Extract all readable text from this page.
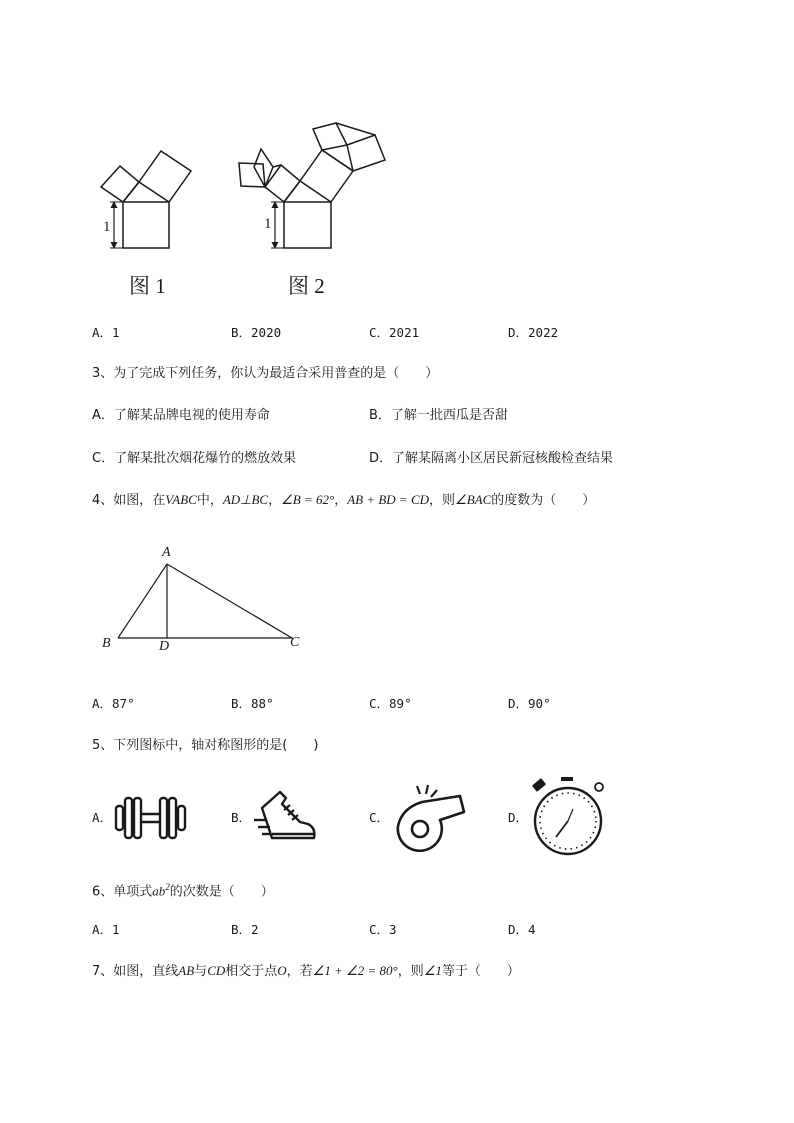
1
图 1
1
图 2
A．1	B．2020	C．2021	D．2022
3、为了完成下列任务，你认为最适合采用普查的是（　　）
A．了解某品牌电视的使用寿命	B．了解一批西瓜是否甜
C．了解某批次烟花爆竹的燃放效果	D．了解某隔离小区居民新冠核酸检查结果
4、如图，在VABC中，AD⊥BC，∠B = 62°，AB + BD = CD，则∠BAC的度数为（　　）
A
B	D	C
A．87°	B．88°	C．89°	D．90°
5、下列图标中，轴对称图形的是(　　)
A．	B．	C．	D．
6、单项式$ab^2$的次数是（　　）
A．1	B．2	C．3	D．4
7、如图，直线AB与CD相交于点O，若∠1 + ∠2 = 80°，则∠1等于（　　）
